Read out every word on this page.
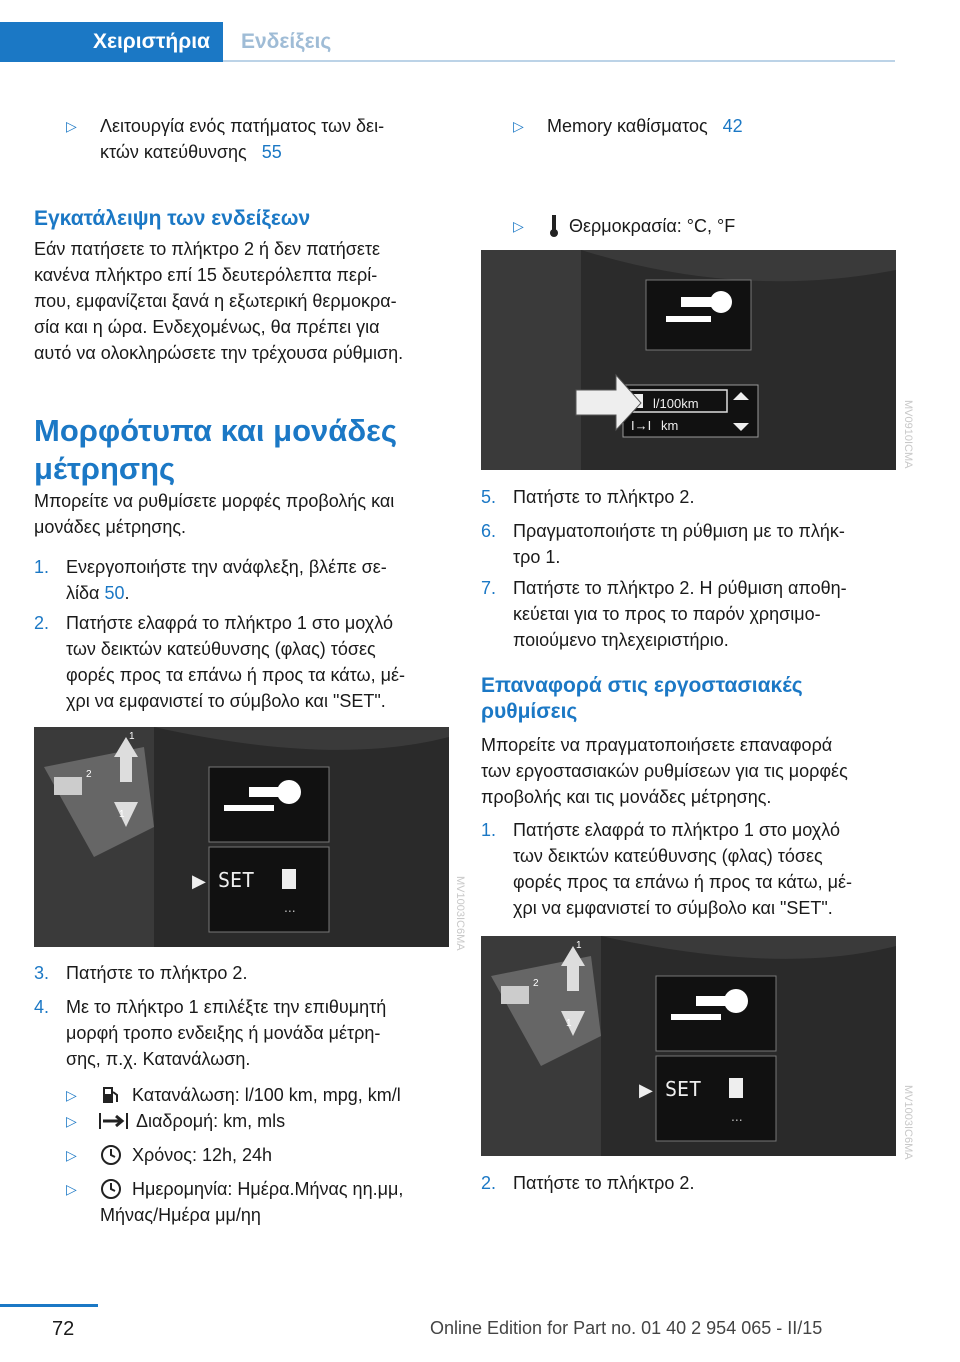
Χειριστήρια	Ενδείξεις
▷ Λειτουργία ενός πατήματος των δει‐
κτών κατεύθυνσης 55
Εγκατάλειψη των ενδείξεων
Εάν πατήσετε το πλήκτρο 2 ή δεν πατήσετε
κανένα πλήκτρο επί 15 δευτερόλεπτα περί‐
που, εμφανίζεται ξανά η εξωτερική θερμοκρα‐
σία και η ώρα. Ενδεχομένως, θα πρέπει για
αυτό να ολοκληρώσετε την τρέχουσα ρύθμιση.
Μορφότυπα και μονάδες
μέτρησης
Μπορείτε να ρυθμίσετε μορφές προβολής και
μονάδες μέτρησης.
1. Ενεργοποιήστε την ανάφλεξη, βλέπε σε‐
λίδα 50.
2. Πατήστε ελαφρά το πλήκτρο 1 στο μοχλό
των δεικτών κατεύθυνσης (φλας) τόσες
φορές προς τα επάνω ή προς τα κάτω, μέ‐
χρι να εμφανιστεί το σύμβολο και "SET".
▶ SET
...
1
2
1
MV1003IC6MA
3. Πατήστε το πλήκτρο 2.
4. Με το πλήκτρο 1 επιλέξτε την επιθυμητή
μορφή τροπο ενδειξης ή μονάδα μέτρη‐
σης, π.χ. Κατανάλωση.
▷	Κατανάλωση: l/100 km, mpg, km/l
▷	Διαδρομή: km, mls
▷	Χρόνος: 12h, 24h
▷	Ημερομηνία: Ημέρα.Μήνας ηη.μμ,
Μήνας/Ημέρα μμ/ηη
▷ Memory καθίσματος 42
▷	Θερμοκρασία: °C, °F
l/100km
I→I km	MV0910ICMA
5. Πατήστε το πλήκτρο 2.
6. Πραγματοποιήστε τη ρύθμιση με το πλήκ‐
τρο 1.
7. Πατήστε το πλήκτρο 2. Η ρύθμιση αποθη‐
κεύεται για το προς το παρόν χρησιμο‐
ποιούμενο τηλεχειριστήριο.
Επαναφορά στις εργοστασιακές
ρυθμίσεις
Μπορείτε να πραγματοποιήσετε επαναφορά
των εργοστασιακών ρυθμίσεων για τις μορφές
προβολής και τις μονάδες μέτρησης.
1. Πατήστε ελαφρά το πλήκτρο 1 στο μοχλό
των δεικτών κατεύθυνσης (φλας) τόσες
φορές προς τα επάνω ή προς τα κάτω, μέ‐
χρι να εμφανιστεί το σύμβολο και "SET".
▶ SET
...
1
2
1
MV1003IC6MA
2. Πατήστε το πλήκτρο 2.
72	Online Edition for Part no. 01 40 2 954 065 - II/15
